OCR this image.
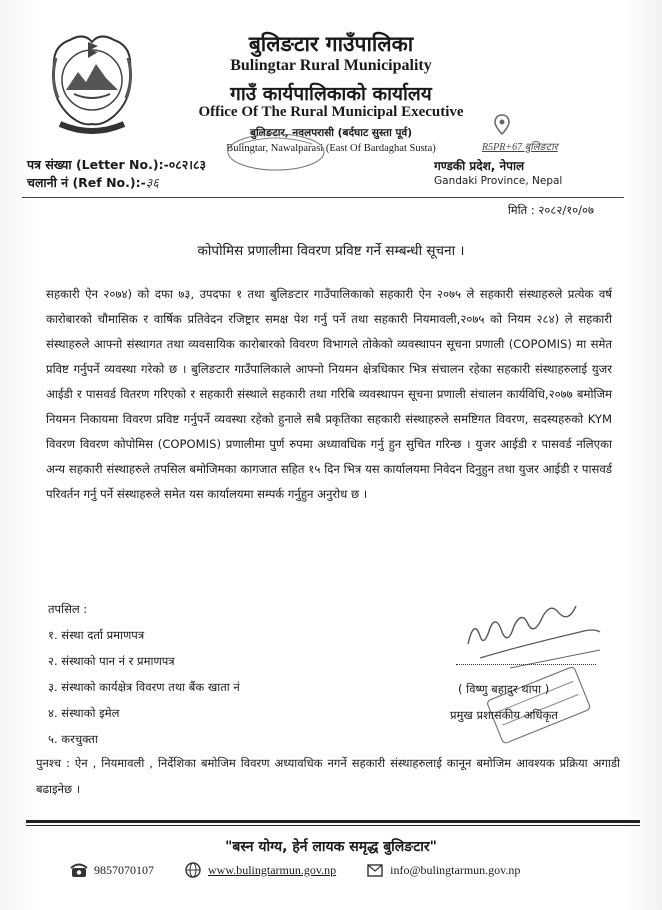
बुलिङटार गाउँपालिका
Bulingtar Rural Municipality
गाउँ कार्यपालिकाको कार्यालय
Office Of The Rural Municipal Executive
बुलिङटार, नवलपरासी (बर्दघाट सुस्ता पूर्व)
Bulingtar, Nawalparasi (East Of Bardaghat Susta)	R5PR+67 बुलिङटार
गण्डकी प्रदेश, नेपाल
Gandaki Province, Nepal
पत्र संख्या (Letter No.):-०८२।८३
चलानी नं (Ref No.):-३६
मिति : २०८२/१०/०७
कोपोमिस प्रणालीमा विवरण प्रविष्ट गर्ने सम्बन्धी सूचना ।
सहकारी ऐन २०७४) को दफा ७३, उपदफा १ तथा बुलिङटार गाउँपालिकाको सहकारी ऐन २०७५ ले सहकारी संस्थाहरुले प्रत्येक वर्ष कारोबारको चौमासिक र वार्षिक प्रतिवेदन रजिष्ट्रार समक्ष पेश गर्नु पर्ने तथा सहकारी नियमावली,२०७५ को नियम २८४) ले सहकारी संस्थाहरुले आफ्नो संस्थागत तथा व्यवसायिक कारोबारको विवरण विभागले तोकेको व्यवस्थापन सूचना प्रणाली (COPOMIS) मा समेत प्रविष्ट गर्नुपर्ने व्यवस्था गरेको छ । बुलिङटार गाउँपालिकाले आफ्नो नियमन क्षेत्रधिकार भित्र संचालन रहेका सहकारी संस्थाहरुलाई युजर आईडी र पासवर्ड वितरण गरिएको र सहकारी संस्थाले सहकारी तथा गरिबि व्यवस्थापन सूचना प्रणाली संचालन कार्यविधि,२०७७ बमोजिम नियमन निकायमा विवरण प्रविष्ट गर्नुपर्ने व्यवस्था रहेको हुनाले सबै प्रकृतिका सहकारी संस्थाहरुले समष्टिगत विवरण, सदस्यहरुको KYM विवरण विवरण कोपोमिस (COPOMIS) प्रणालीमा पुर्ण रुपमा अध्यावधिक गर्नु हुन सुचित गरिन्छ । युजर आईडी र पासवर्ड नलिएका अन्य सहकारी संस्थाहरुले तपसिल बमोजिमका कागजात सहित १५ दिन भित्र यस कार्यालयमा निवेदन दिनुहुन तथा युजर आईडी र पासवर्ड परिवर्तन गर्नु पर्ने संस्थाहरुले समेत यस कार्यालयमा सम्पर्क गर्नुहुन अनुरोध छ ।
तपसिल :
१. संस्था दर्ता प्रमाणपत्र
२. संस्थाको पान नं र प्रमाणपत्र
३. संस्थाको कार्यक्षेत्र विवरण तथा बैंक खाता नं
४. संस्थाको इमेल
५. करचुक्ता
( विष्णु बहादुर थापा )
प्रमुख प्रशासकीय अधिकृत
पुनश्च : ऐन , नियमावली , निर्देशिका बमोजिम विवरण अध्यावधिक नगर्ने सहकारी संस्थाहरुलाई कानून बमोजिम आवश्यक प्रक्रिया अगाडी बढाइनेछ ।
"बस्न योग्य, हेर्न लायक समृद्ध बुलिङटार"
9857070107	www.bulingtarmun.gov.np	info@bulingtarmun.gov.np
